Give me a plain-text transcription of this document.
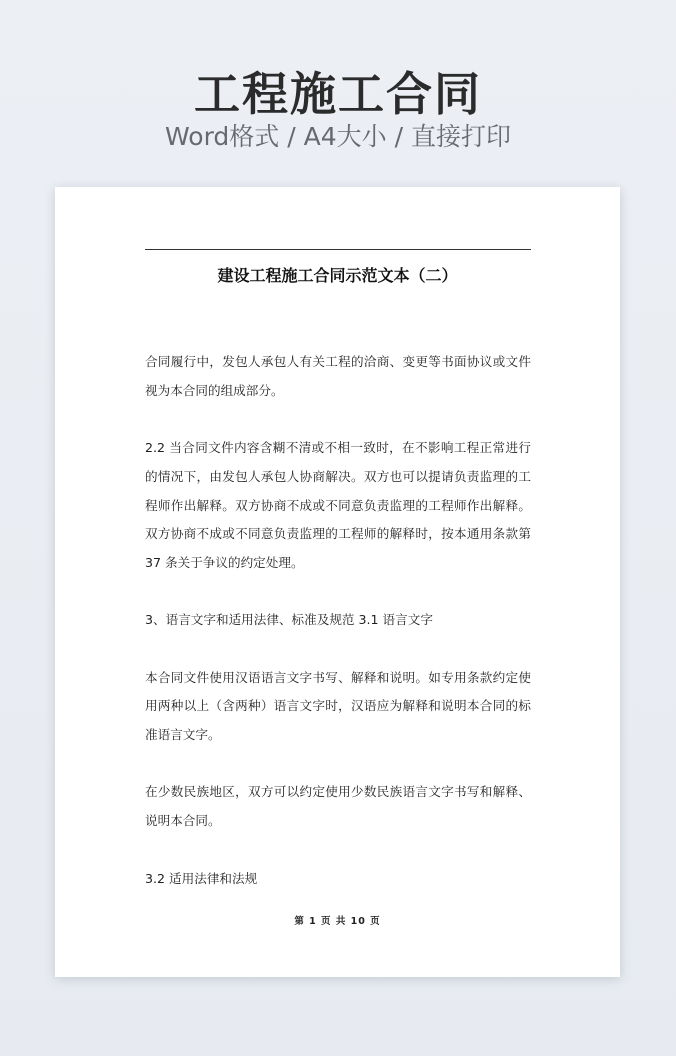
工程施工合同
Word格式 / A4大小 / 直接打印
建设工程施工合同示范文本（二）

合同履行中，发包人承包人有关工程的洽商、变更等书面协议或文件视为本合同的组成部分。

2.2 当合同文件内容含糊不清或不相一致时，在不影响工程正常进行的情况下，由发包人承包人协商解决。双方也可以提请负责监理的工程师作出解释。双方协商不成或不同意负责监理的工程师作出解释。双方协商不成或不同意负责监理的工程师的解释时，按本通用条款第 37 条关于争议的约定处理。

3、语言文字和适用法律、标准及规范 3.1 语言文字

本合同文件使用汉语语言文字书写、解释和说明。如专用条款约定使用两种以上（含两种）语言文字时，汉语应为解释和说明本合同的标准语言文字。

在少数民族地区，双方可以约定使用少数民族语言文字书写和解释、说明本合同。

3.2 适用法律和法规

第 1 页 共 10 页
